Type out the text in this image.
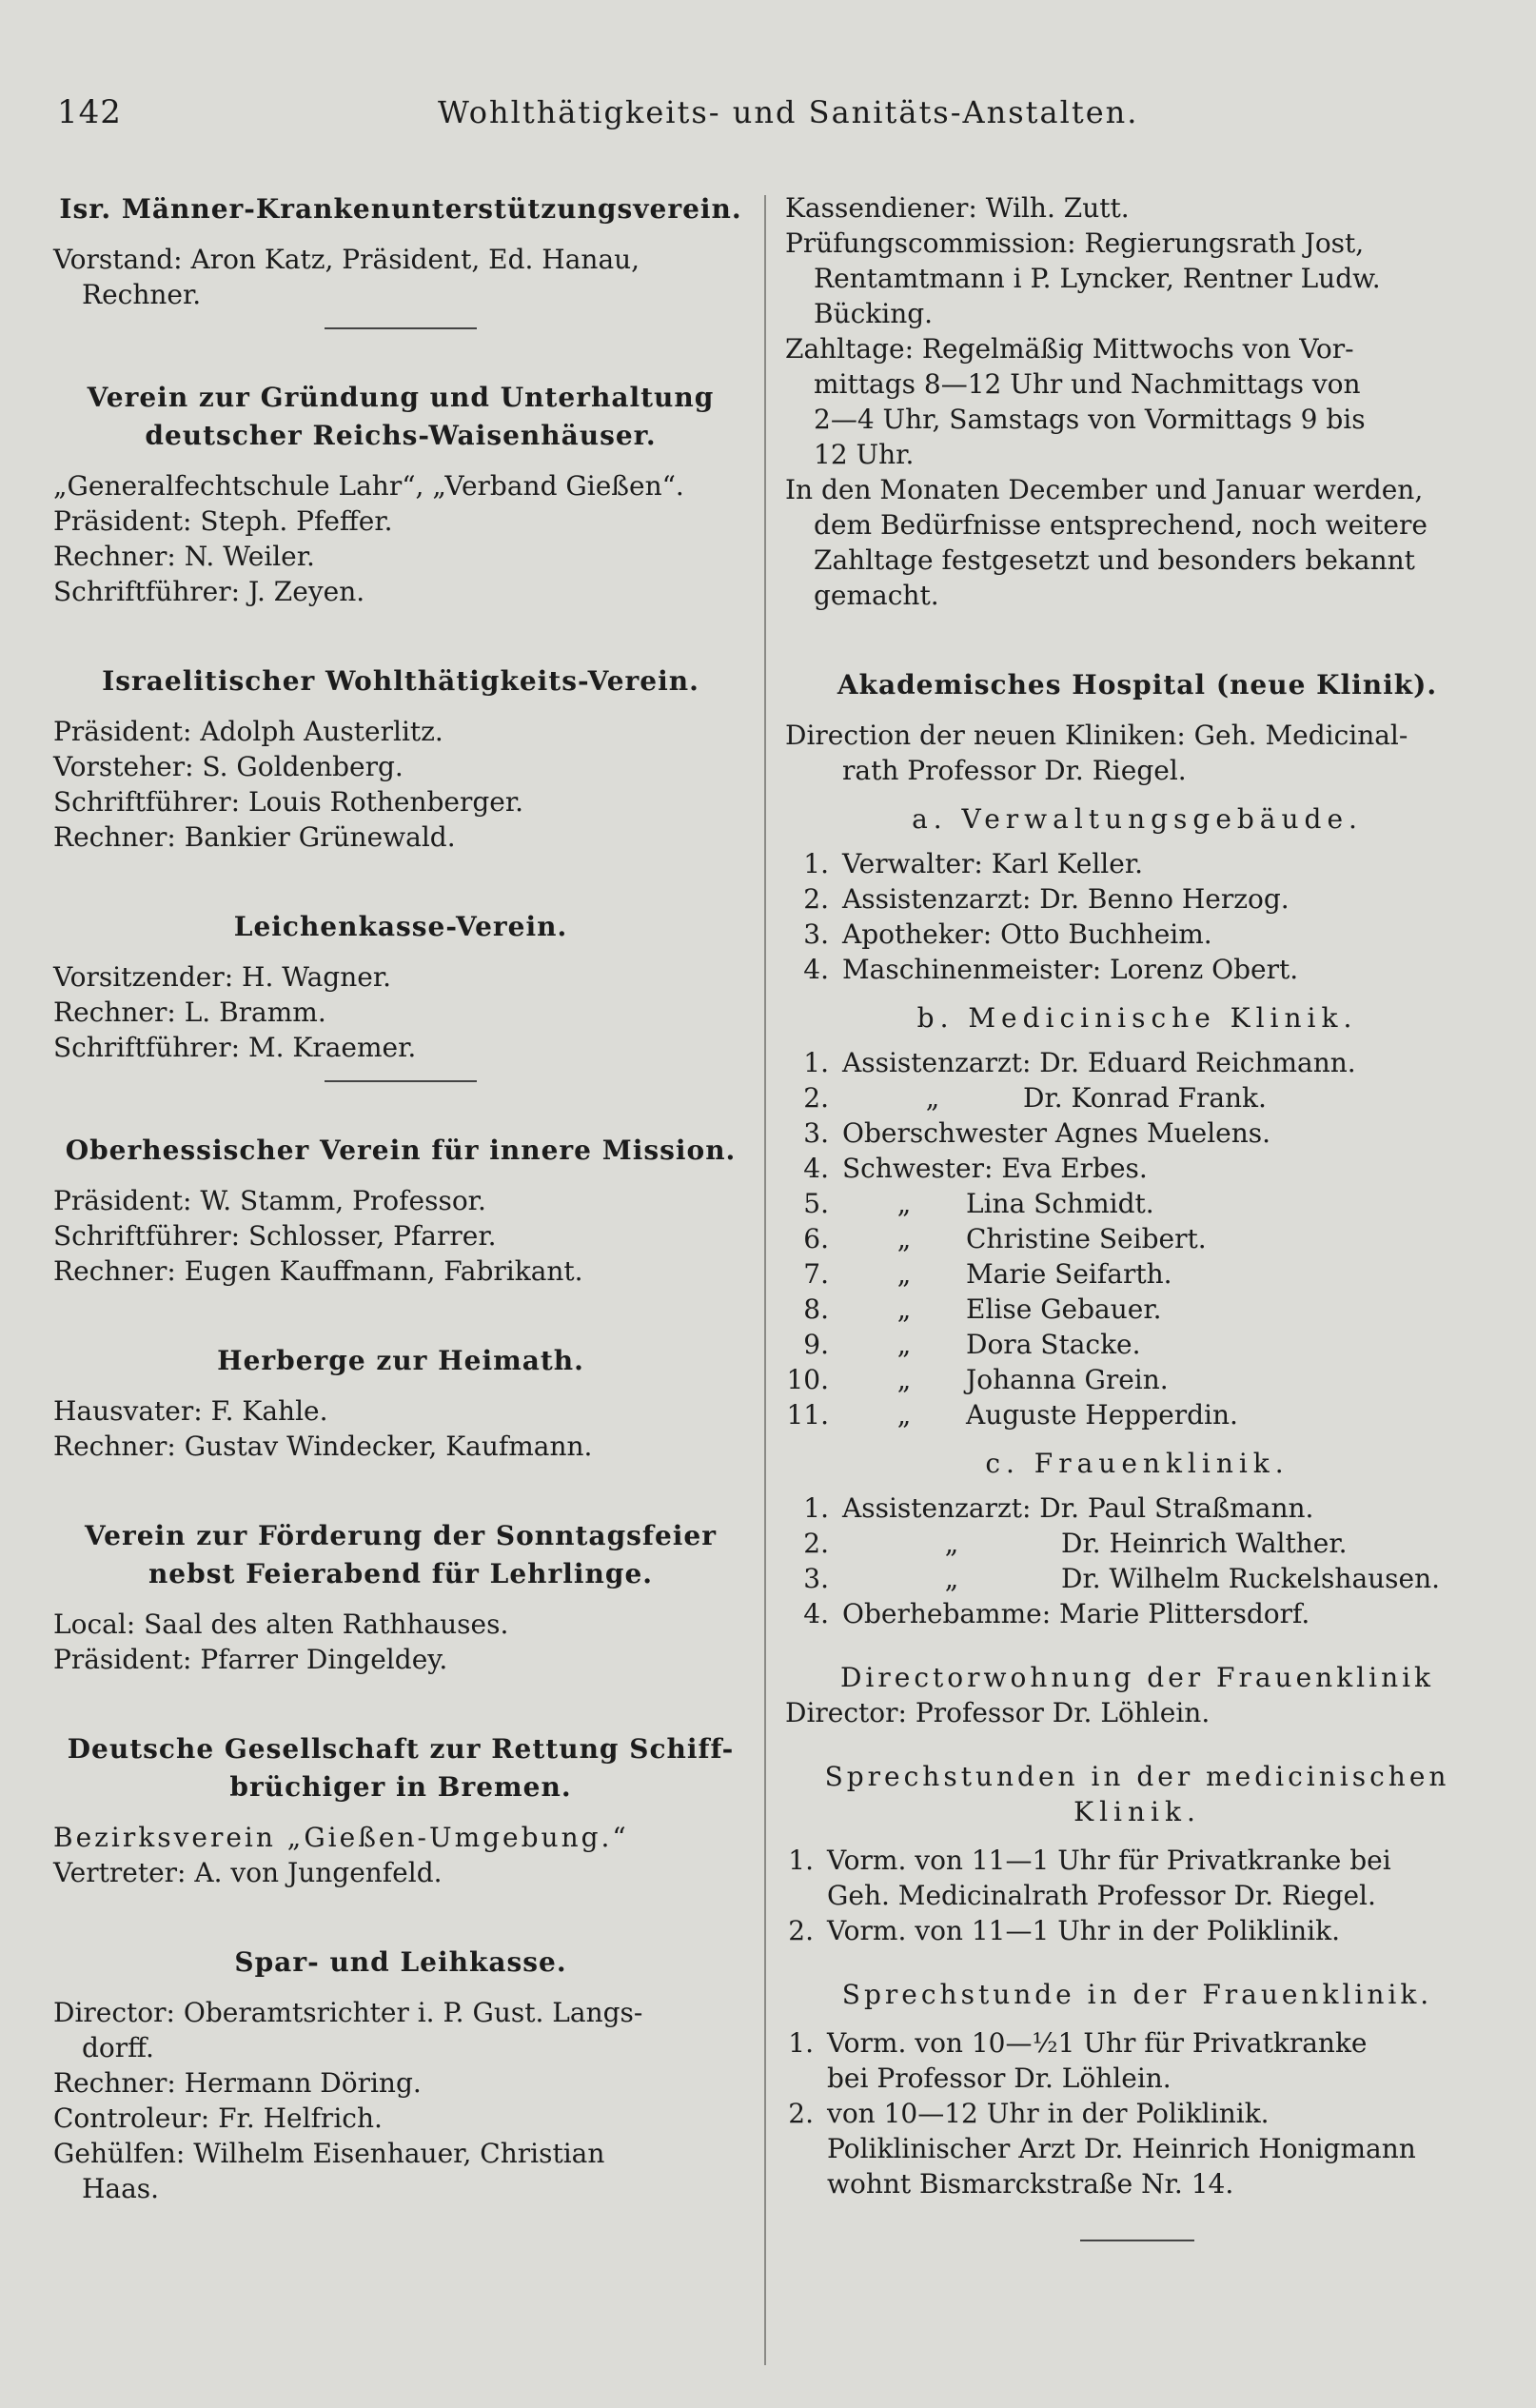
142	Wohlthätigkeits- und Sanitäts-Anstalten.
Isr. Männer-Krankenunterstützungsverein.
Vorstand: Aron Katz, Präsident, Ed. Hanau,
Rechner.
Verein zur Gründung und Unterhaltung
deutscher Reichs-Waisenhäuser.
„Generalfechtschule Lahr“, „Verband Gießen“.
Präsident: Steph. Pfeffer.
Rechner: N. Weiler.
Schriftführer: J. Zeyen.
Israelitischer Wohlthätigkeits-Verein.
Präsident: Adolph Austerlitz.
Vorsteher: S. Goldenberg.
Schriftführer: Louis Rothenberger.
Rechner: Bankier Grünewald.
Leichenkasse-Verein.
Vorsitzender: H. Wagner.
Rechner: L. Bramm.
Schriftführer: M. Kraemer.
Oberhessischer Verein für innere Mission.
Präsident: W. Stamm, Professor.
Schriftführer: Schlosser, Pfarrer.
Rechner: Eugen Kauffmann, Fabrikant.
Herberge zur Heimath.
Hausvater: F. Kahle.
Rechner: Gustav Windecker, Kaufmann.
Verein zur Förderung der Sonntagsfeier
nebst Feierabend für Lehrlinge.
Local: Saal des alten Rathhauses.
Präsident: Pfarrer Dingeldey.
Deutsche Gesellschaft zur Rettung Schiff-
brüchiger in Bremen.
Bezirksverein „Gießen-Umgebung.“
Vertreter: A. von Jungenfeld.
Spar- und Leihkasse.
Director: Oberamtsrichter i. P. Gust. Langs-
dorff.
Rechner: Hermann Döring.
Controleur: Fr. Helfrich.
Gehülfen: Wilhelm Eisenhauer, Christian
Haas.
Kassendiener: Wilh. Zutt.
Prüfungscommission: Regierungsrath Jost,
Rentamtmann i P. Lyncker, Rentner Ludw.
Bücking.
Zahltage: Regelmäßig Mittwochs von Vor-
mittags 8—12 Uhr und Nachmittags von
2—4 Uhr, Samstags von Vormittags 9 bis
12 Uhr.
In den Monaten December und Januar werden,
dem Bedürfnisse entsprechend, noch weitere
Zahltage festgesetzt und besonders bekannt
gemacht.
Akademisches Hospital (neue Klinik).
Direction der neuen Kliniken: Geh. Medicinal-
rath Professor Dr. Riegel.
a. Verwaltungsgebäude.
1. Verwalter: Karl Keller.
2. Assistenzarzt: Dr. Benno Herzog.
3. Apotheker: Otto Buchheim.
4. Maschinenmeister: Lorenz Obert.
b. Medicinische Klinik.
1. Assistenzarzt: Dr. Eduard Reichmann.
2.	„	Dr. Konrad Frank.
3. Oberschwester Agnes Muelens.
4. Schwester: Eva Erbes.
5.	„ Lina Schmidt.
6.	„ Christine Seibert.
7.	„ Marie Seifarth.
8.	„ Elise Gebauer.
9.	„ Dora Stacke.
10.	„ Johanna Grein.
11.	„ Auguste Hepperdin.
c. Frauenklinik.
1. Assistenzarzt: Dr. Paul Straßmann.
2.	„	Dr. Heinrich Walther.
3.	„	Dr. Wilhelm Ruckelshausen.
4. Oberhebamme: Marie Plittersdorf.
Directorwohnung der Frauenklinik
Director: Professor Dr. Löhlein.
Sprechstunden in der medicinischen
Klinik.
1. Vorm. von 11—1 Uhr für Privatkranke bei
Geh. Medicinalrath Professor Dr. Riegel.
2. Vorm. von 11—1 Uhr in der Poliklinik.
Sprechstunde in der Frauenklinik.
1. Vorm. von 10—½1 Uhr für Privatkranke
bei Professor Dr. Löhlein.
2. von 10—12 Uhr in der Poliklinik.
Poliklinischer Arzt Dr. Heinrich Honigmann
wohnt Bismarckstraße Nr. 14.
